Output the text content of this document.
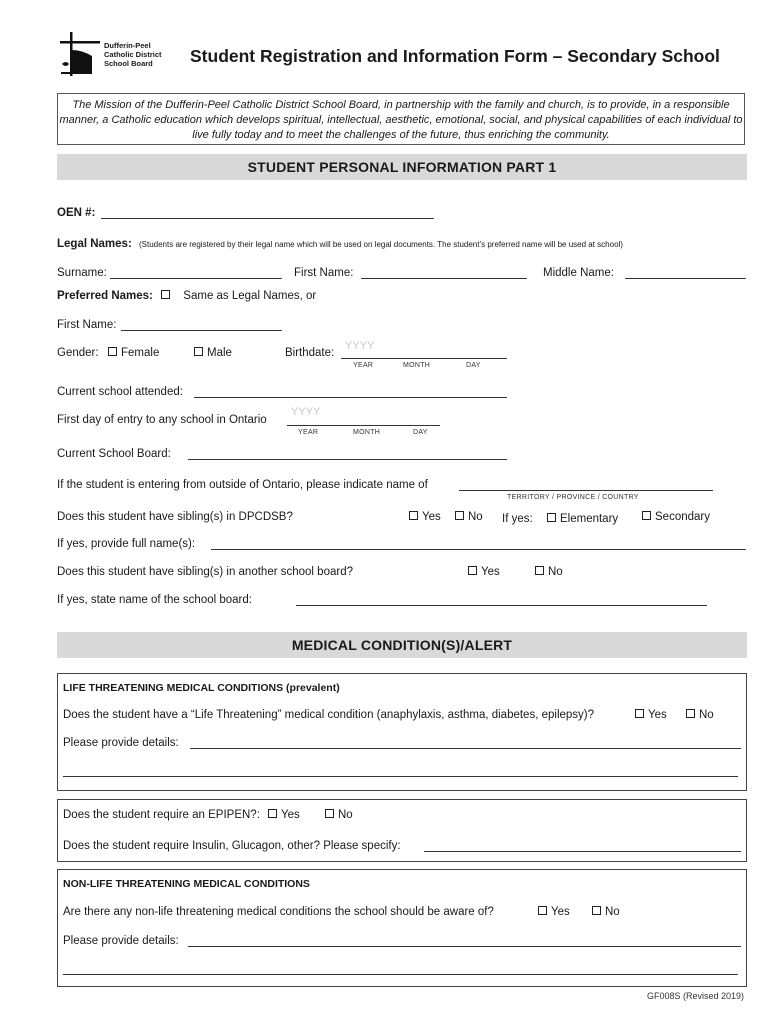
Dufferin-Peel
Catholic District
School Board	Student Registration and Information Form – Secondary School
The Mission of the Dufferin-Peel Catholic District School Board, in partnership with the family and church, is to provide, in a responsible manner, a Catholic education which develops spiritual, intellectual, aesthetic, emotional, social, and physical capabilities of each individual to live fully today and to meet the challenges of the future, thus enriching the community.
STUDENT PERSONAL INFORMATION PART 1
OEN #:
Legal Names: (Students are registered by their legal name which will be used on legal documents. The student’s preferred name will be used at school)
Surname:	First Name:	Middle Name:
Preferred Names:	Same as Legal Names, or
First Name:
Gender:	Female	Male	Birthdate:
YYYY
YEAR	MONTH	DAY
Current school attended:
First day of entry to any school in Ontario
YYYY
YEAR	MONTH	DAY
Current School Board:
If the student is entering from outside of Ontario, please indicate name of
TERRITORY / PROVINCE / COUNTRY
Does this student have sibling(s) in DPCDSB?	Yes	No If yes:	Elementary	Secondary
If yes, provide full name(s):
Does this student have sibling(s) in another school board?	Yes	No
If yes, state name of the school board:
MEDICAL CONDITION(S)/ALERT
LIFE THREATENING MEDICAL CONDITIONS (prevalent)
Does the student have a “Life Threatening” medical condition (anaphylaxis, asthma, diabetes, epilepsy)?	Yes	No
Please provide details:
Does the student require an EPIPEN?:	Yes	No
Does the student require Insulin, Glucagon, other? Please specify:
NON-LIFE THREATENING MEDICAL CONDITIONS
Are there any non-life threatening medical conditions the school should be aware of?	Yes	No
Please provide details:
GF008S (Revised 2019)
